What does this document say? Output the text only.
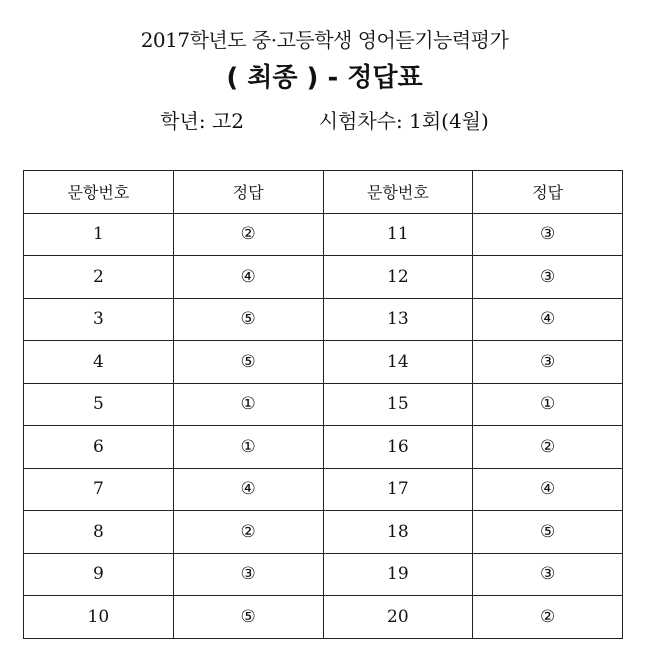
2017학년도 중·고등학생 영어듣기능력평가
( 최종 ) - 정답표
학년: 고2	시험차수: 1회(4월)
문항번호	정답	문항번호	정답
1	②	11	③
2	④	12	③
3	⑤	13	④
4	⑤	14	③
5	①	15	①
6	①	16	②
7	④	17	④
8	②	18	⑤
9	③	19	③
10	⑤	20	②
